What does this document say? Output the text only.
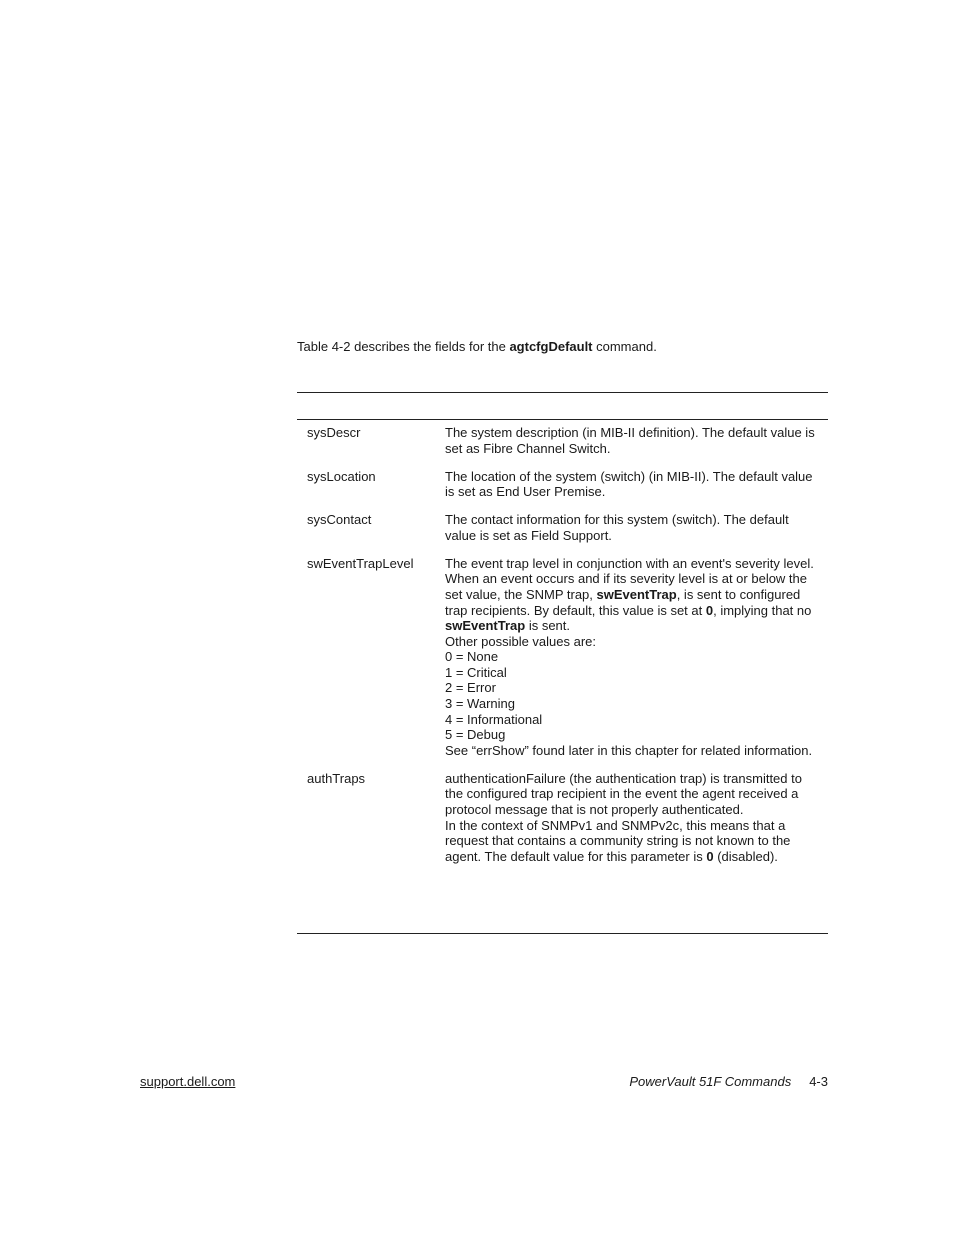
Table 4-2 describes the fields for the agtcfgDefault command.

sysDescr	The system description (in MIB-II definition). The default value is set as Fibre Channel Switch.
sysLocation	The location of the system (switch) (in MIB-II). The default value is set as End User Premise.
sysContact	The contact information for this system (switch). The default value is set as Field Support.
swEventTrapLevel	The event trap level in conjunction with an event's severity level. When an event occurs and if its severity level is at or below the set value, the SNMP trap, swEventTrap, is sent to configured trap recipients. By default, this value is set at 0, implying that no swEventTrap is sent.
Other possible values are:
0 = None
1 = Critical
2 = Error
3 = Warning
4 = Informational
5 = Debug
See “errShow” found later in this chapter for related information.
authTraps	authenticationFailure (the authentication trap) is transmitted to the configured trap recipient in the event the agent received a protocol message that is not properly authenticated.
In the context of SNMPv1 and SNMPv2c, this means that a request that contains a community string is not known to the agent. The default value for this parameter is 0 (disabled).
support.dell.com	PowerVault 51F Commands 4-3
